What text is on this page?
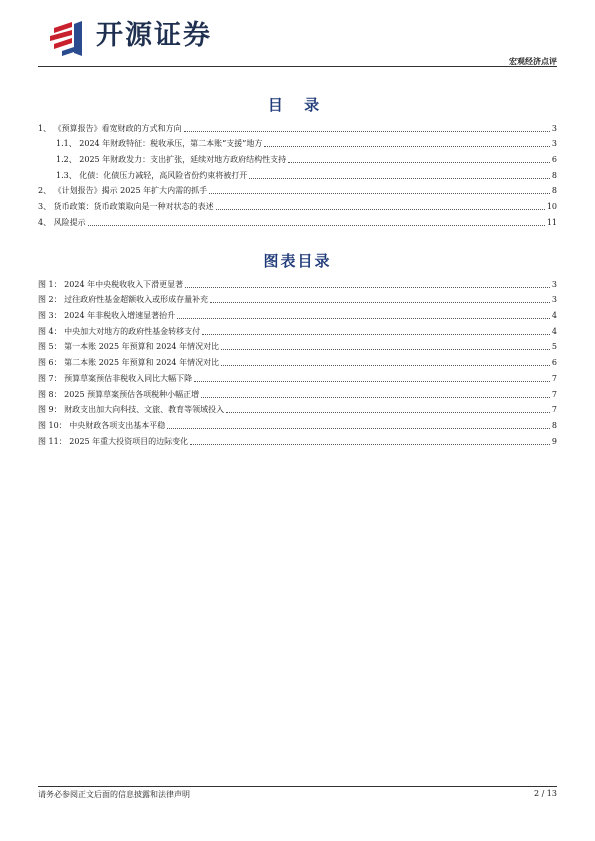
开源证券
宏观经济点评
目 录
1、 《预算报告》看宽财政的方式和方向	3
1.1、 2024 年财政特征：税收承压，第二本账“支援”地方	3
1.2、 2025 年财政发力：支出扩张，延续对地方政府结构性支持	6
1.3、 化债：化债压力减轻，高风险省份约束将被打开	8
2、 《计划报告》揭示 2025 年扩大内需的抓手	8
3、 货币政策：货币政策取向是一种对状态的表述	10
4、 风险提示	11
图表目录
图 1： 2024 年中央税收收入下滑更显著	3
图 2： 过往政府性基金超额收入或形成存量补充	3
图 3： 2024 年非税收入增速显著抬升	4
图 4： 中央加大对地方的政府性基金转移支付	4
图 5： 第一本账 2025 年预算和 2024 年情况对比	5
图 6： 第二本账 2025 年预算和 2024 年情况对比	6
图 7： 预算草案预估非税收入同比大幅下降	7
图 8： 2025 预算草案预估各项税种小幅正增	7
图 9： 财政支出加大向科技、文旅、教育等领域投入	7
图 10： 中央财政各项支出基本平稳	8
图 11： 2025 年重大投资项目的边际变化	9
请务必参阅正文后面的信息披露和法律声明	2 / 13
